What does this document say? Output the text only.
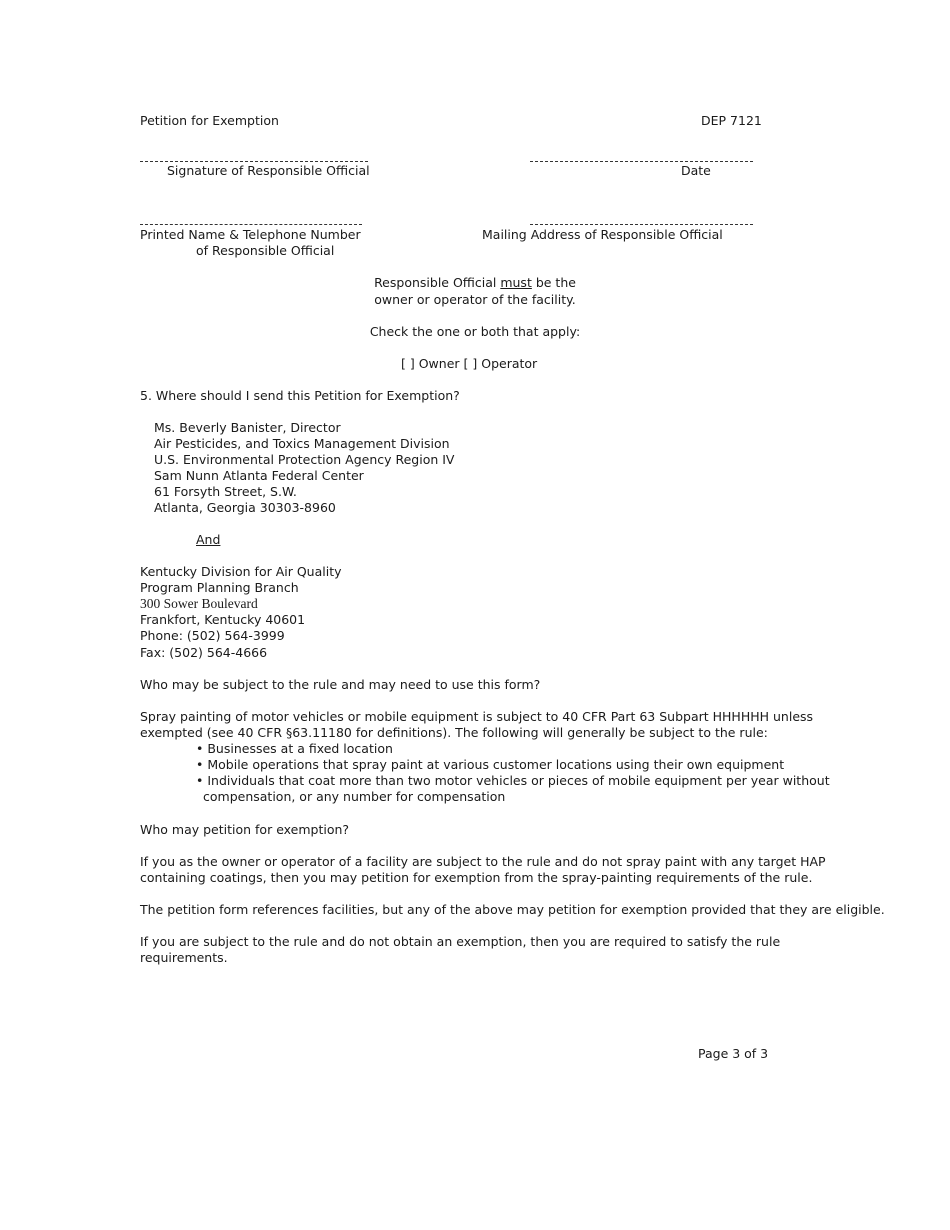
Petition for Exemption	DEP 7121
Signature of Responsible Official	Date
Printed Name & Telephone Number
of Responsible Official
Mailing Address of Responsible Official
Responsible Official must be the
owner or operator of the facility.
Check the one or both that apply:
[ ] Owner [ ] Operator
5. Where should I send this Petition for Exemption?
Ms. Beverly Banister, Director
Air Pesticides, and Toxics Management Division
U.S. Environmental Protection Agency Region IV
Sam Nunn Atlanta Federal Center
61 Forsyth Street, S.W.
Atlanta, Georgia 30303-8960
And
Kentucky Division for Air Quality
Program Planning Branch
300 Sower Boulevard
Frankfort, Kentucky 40601
Phone: (502) 564-3999
Fax: (502) 564-4666
Who may be subject to the rule and may need to use this form?
Spray painting of motor vehicles or mobile equipment is subject to 40 CFR Part 63 Subpart HHHHHH unless
exempted (see 40 CFR §63.11180 for definitions). The following will generally be subject to the rule:
• Businesses at a fixed location
• Mobile operations that spray paint at various customer locations using their own equipment
• Individuals that coat more than two motor vehicles or pieces of mobile equipment per year without
compensation, or any number for compensation
Who may petition for exemption?
If you as the owner or operator of a facility are subject to the rule and do not spray paint with any target HAP
containing coatings, then you may petition for exemption from the spray-painting requirements of the rule.
The petition form references facilities, but any of the above may petition for exemption provided that they are eligible.
If you are subject to the rule and do not obtain an exemption, then you are required to satisfy the rule
requirements.
Page 3 of 3
